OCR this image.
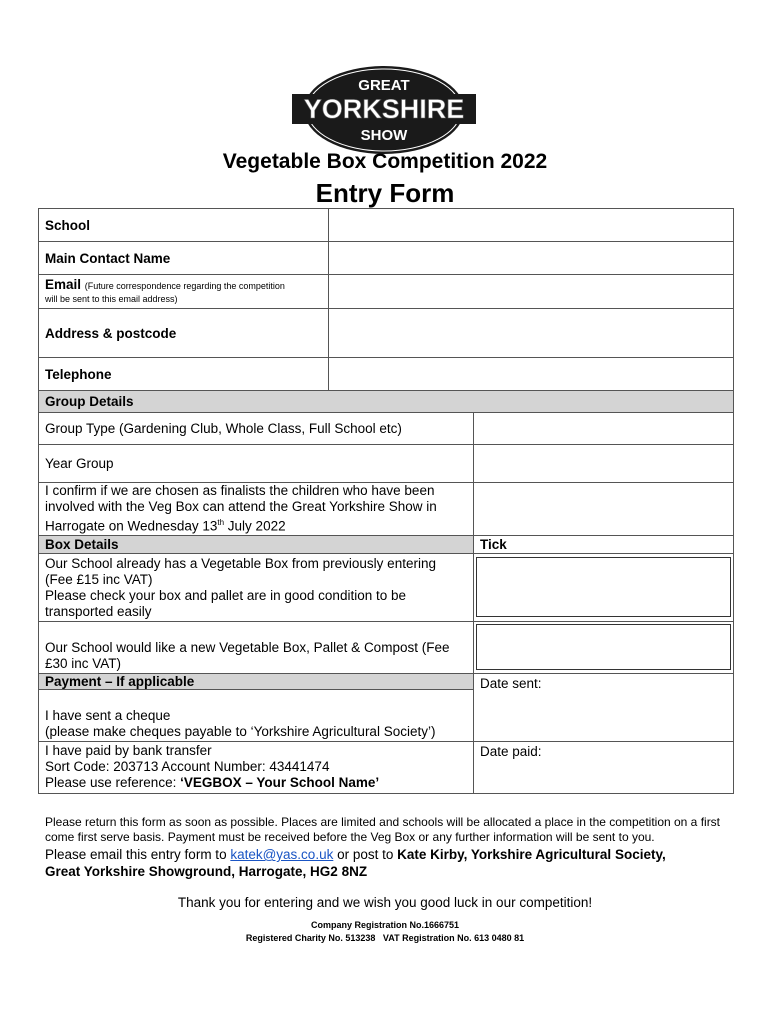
GREAT
YORKSHIRE
SHOW
Vegetable Box Competition 2022
Entry Form
School	
Main Contact Name	
Email (Future correspondence regarding the competition
will be sent to this email address)	
Address & postcode	
Telephone	
Group Details	
Group Type (Gardening Club, Whole Class, Full School etc)	
Year Group	
I confirm if we are chosen as finalists the children who have been involved with the Veg Box can attend the Great Yorkshire Show in Harrogate on Wednesday 13th July 2022	
Box Details	Tick

Our School already has a Vegetable Box from previously entering (Fee £15 inc VAT)
Please check your box and pallet are in good condition to be transported easily	

Our School would like a new Vegetable Box, Pallet & Compost (Fee £30 inc VAT)	

Payment – If applicable	Date sent:

I have sent a cheque
(please make cheques payable to ‘Yorkshire Agricultural Society’)	

I have paid by bank transfer
Sort Code: 203713 Account Number: 43441474
Please use reference: ‘VEGBOX – Your School Name’	Date paid:
Please return this form as soon as possible. Places are limited and schools will be allocated a place in the competition on a first come first serve basis. Payment must be received before the Veg Box or any further information will be sent to you.
Please email this entry form to katek@yas.co.uk or post to Kate Kirby, Yorkshire Agricultural Society,
Great Yorkshire Showground, Harrogate, HG2 8NZ
Thank you for entering and we wish you good luck in our competition!
Company Registration No.1666751
Registered Charity No. 513238   VAT Registration No. 613 0480 81
